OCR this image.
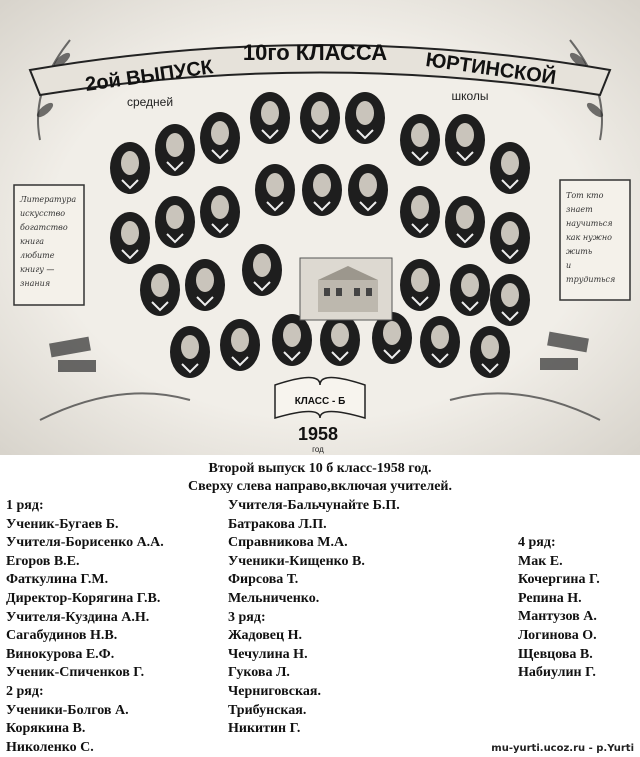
2ой ВЫПУСК
10го КЛАССА ЮРТИНСКОЙ
средней	школы
Литература искусство богатство книга любите книгу — знания
Тот кто знает научиться как нужно жить и трудиться
КЛАСС - Б
1958
год
Второй выпуск 10 б класс-1958 год.
Сверху слева направо,включая учителей.
1 ряд:
Ученик-Бугаев Б.
Учителя-Борисенко А.А.
Егоров В.Е.
Фаткулина Г.М.
Директор-Корягина Г.В.
Учителя-Куздина А.Н.
Сагабудинов Н.В.
Винокурова Е.Ф.
Ученик-Спиченков Г.
2 ряд:
Ученики-Болгов А.
Корякина В.
Николенко С.
Учителя-Бальчунайте Б.П.
Батракова Л.П.
Справникова М.А.
Ученики-Кищенко В.
Фирсова Т.
Мельниченко.
3 ряд:
Жадовец Н.
Чечулина Н.
Гукова Л.
Черниговская.
Трибунская.
Никитин Г.
4 ряд:
Мак Е.
Кочергина Г.
Репина Н.
Мантузов А.
Логинова О.
Щевцова В.
Набиулин Г.
mu-yurti.ucoz.ru - p.Yurti
